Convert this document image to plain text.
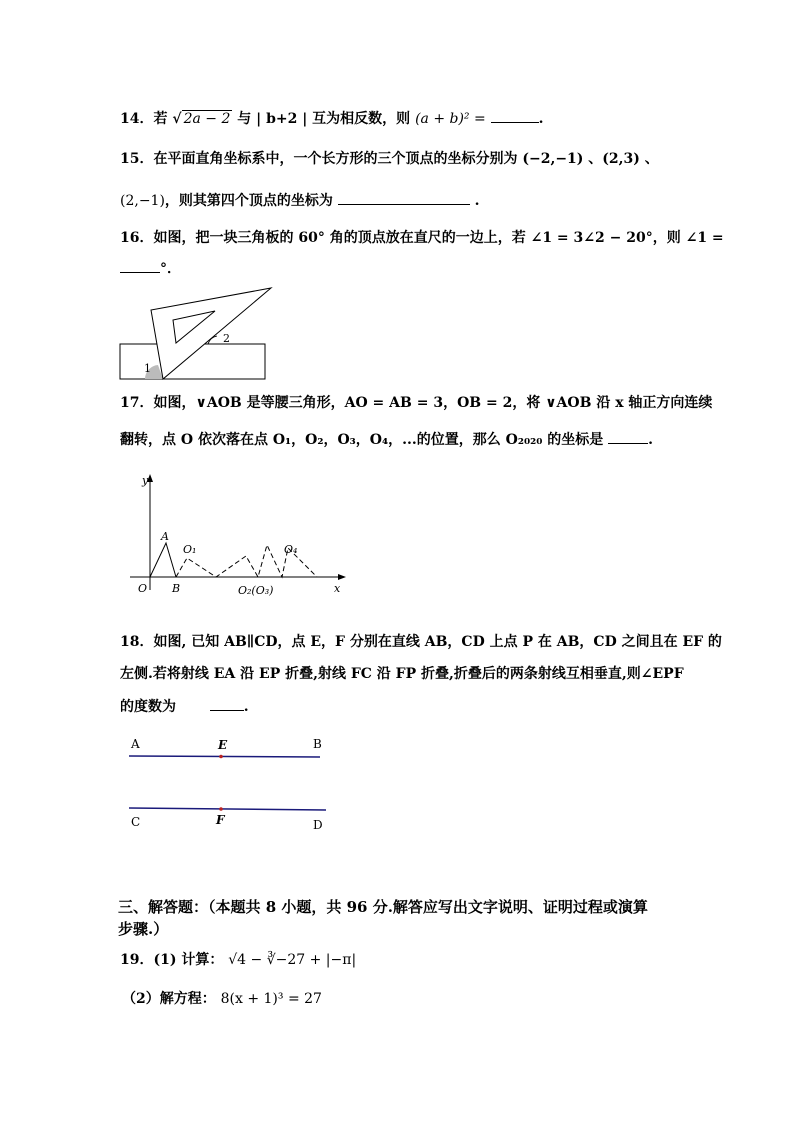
14．若 √ 2a − 2 与 | b+2 | 互为相反数，则 (a + b)² =	.
15．在平面直角坐标系中，一个长方形的三个顶点的坐标分别为 (−2,−1) 、(2,3) 、
(2,−1)，则其第四个顶点的坐标为	.
16．如图，把一块三角板的 60° 角的顶点放在直尺的一边上，若 ∠1 = 3∠2 − 20°，则 ∠1 =
°．
1
2
17．如图，∨AOB 是等腰三角形，AO = AB = 3，OB = 2，将 ∨AOB 沿 x 轴正方向连续
翻转，点 O 依次落在点 O₁，O₂，O₃，O₄，...的位置，那么 O₂₀₂₀ 的坐标是	.
y
x
A
O B
O₁
O₂(O₃)
O₄
18．如图, 已知 AB∥CD，点 E，F 分别在直线 AB，CD 上点 P 在 AB，CD 之间且在 EF 的
左侧.若将射线 EA 沿 EP 折叠,射线 FC 沿 FP 折叠,折叠后的两条射线互相垂直,则∠EPF
的度数为	.
A	E	B
C	F	D
三、解答题：（本题共 8 小题，共 96 分.解答应写出文字说明、证明过程或演算
步骤.）
19．(1) 计算： √4 − ∛−27 + |−π|
（2）解方程： 8(x + 1)³ = 27
